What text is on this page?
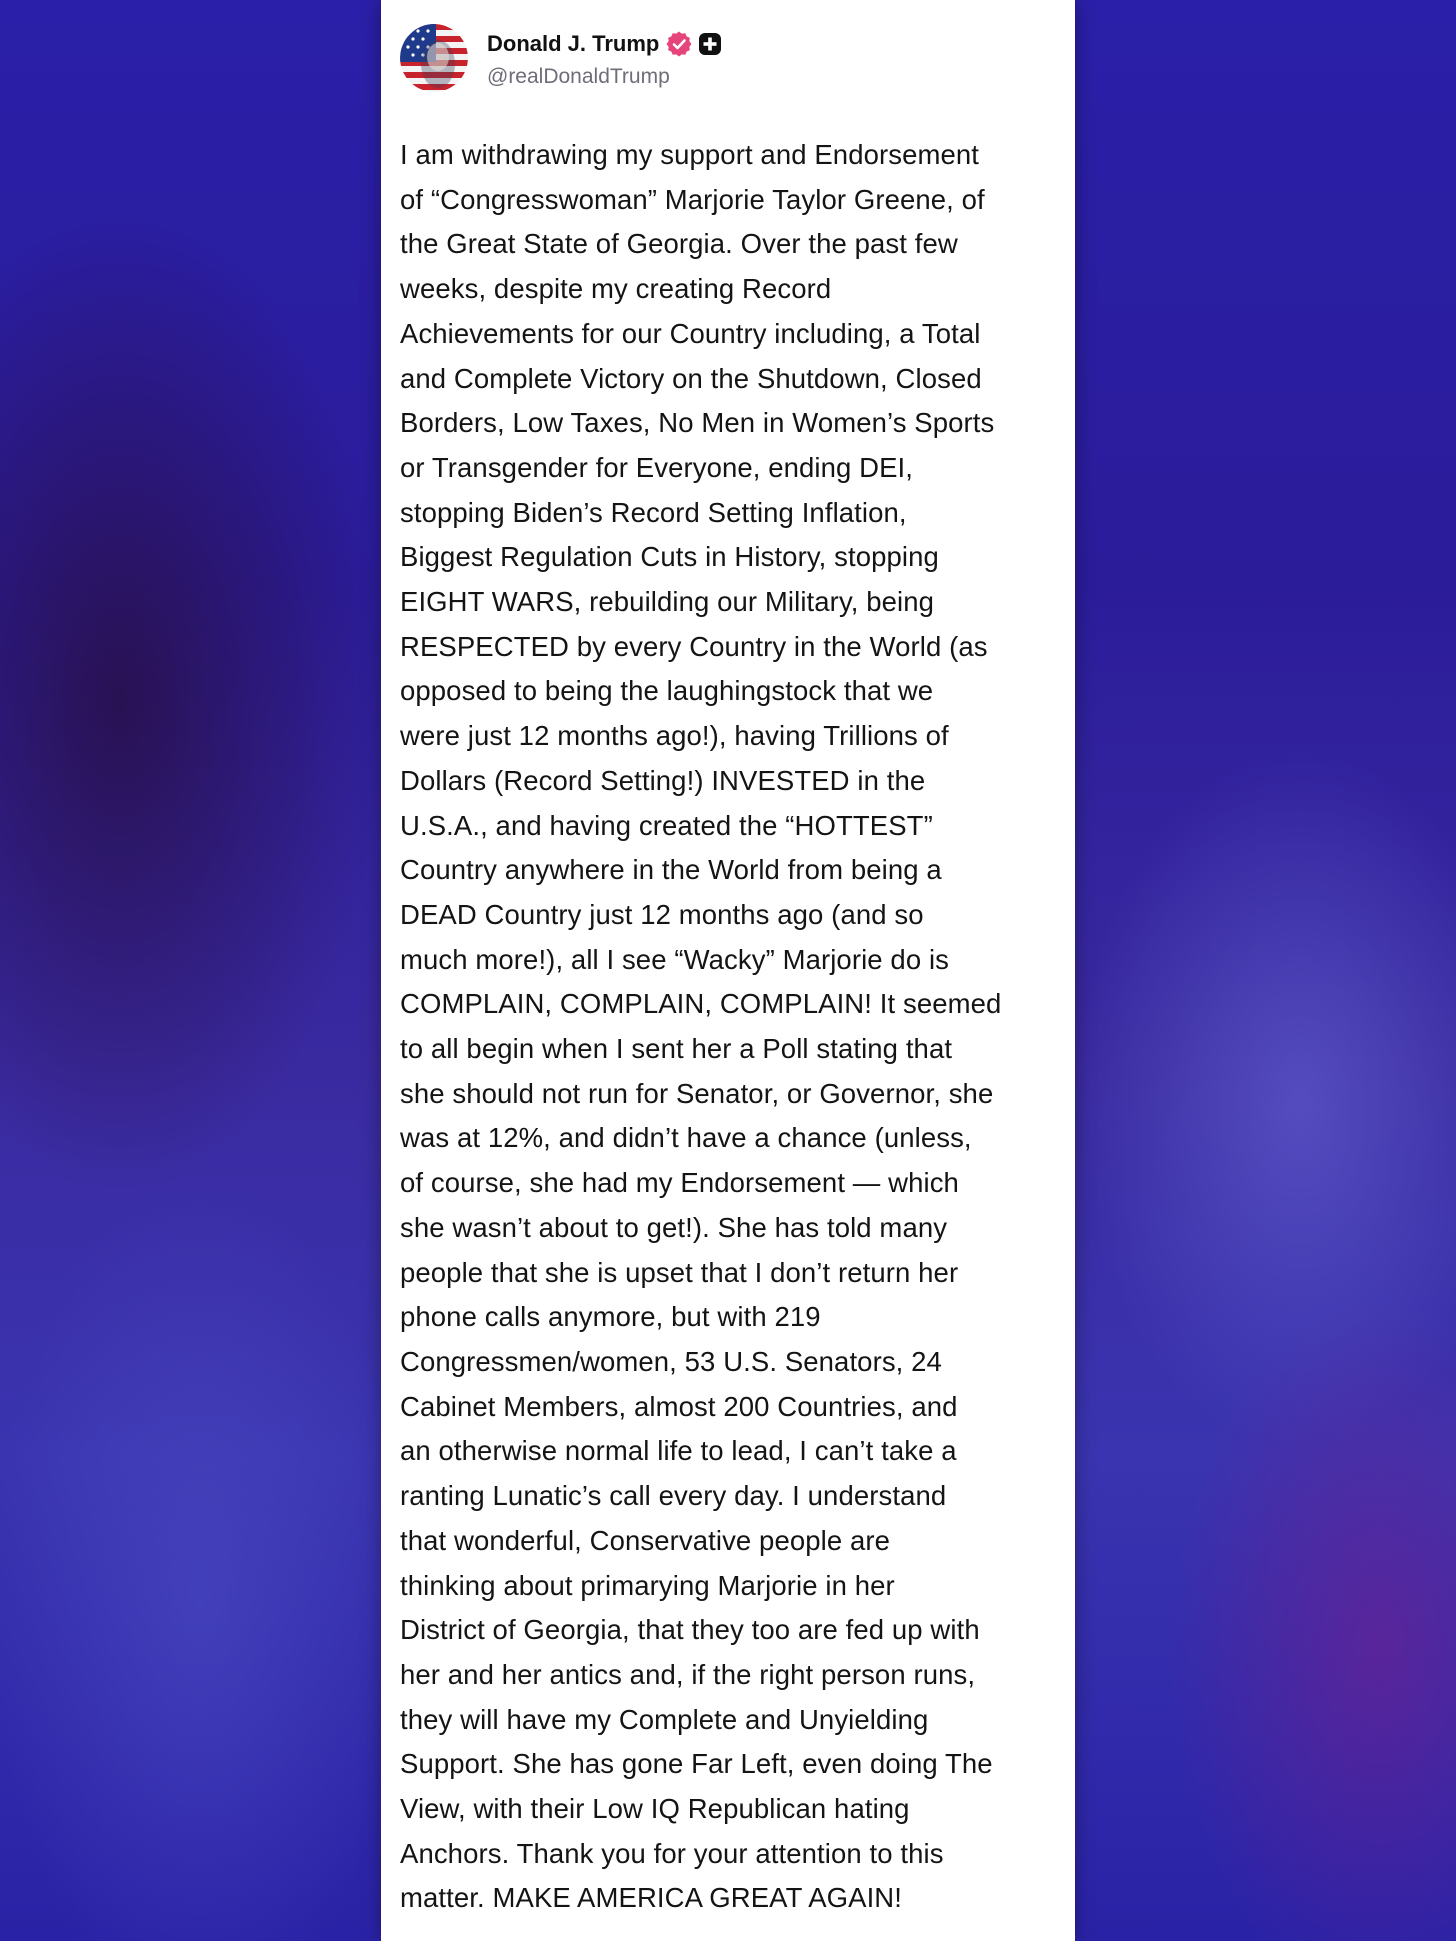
Donald J. Trump
@realDonaldTrump

I am withdrawing my support and Endorsement
of “Congresswoman” Marjorie Taylor Greene, of
the Great State of Georgia. Over the past few
weeks, despite my creating Record
Achievements for our Country including, a Total
and Complete Victory on the Shutdown, Closed
Borders, Low Taxes, No Men in Women’s Sports
or Transgender for Everyone, ending DEI,
stopping Biden’s Record Setting Inflation,
Biggest Regulation Cuts in History, stopping
EIGHT WARS, rebuilding our Military, being
RESPECTED by every Country in the World (as
opposed to being the laughingstock that we
were just 12 months ago!), having Trillions of
Dollars (Record Setting!) INVESTED in the
U.S.A., and having created the “HOTTEST”
Country anywhere in the World from being a
DEAD Country just 12 months ago (and so
much more!), all I see “Wacky” Marjorie do is
COMPLAIN, COMPLAIN, COMPLAIN! It seemed
to all begin when I sent her a Poll stating that
she should not run for Senator, or Governor, she
was at 12%, and didn’t have a chance (unless,
of course, she had my Endorsement — which
she wasn’t about to get!). She has told many
people that she is upset that I don’t return her
phone calls anymore, but with 219
Congressmen/women, 53 U.S. Senators, 24
Cabinet Members, almost 200 Countries, and
an otherwise normal life to lead, I can’t take a
ranting Lunatic’s call every day. I understand
that wonderful, Conservative people are
thinking about primarying Marjorie in her
District of Georgia, that they too are fed up with
her and her antics and, if the right person runs,
they will have my Complete and Unyielding
Support. She has gone Far Left, even doing The
View, with their Low IQ Republican hating
Anchors. Thank you for your attention to this
matter. MAKE AMERICA GREAT AGAIN!
